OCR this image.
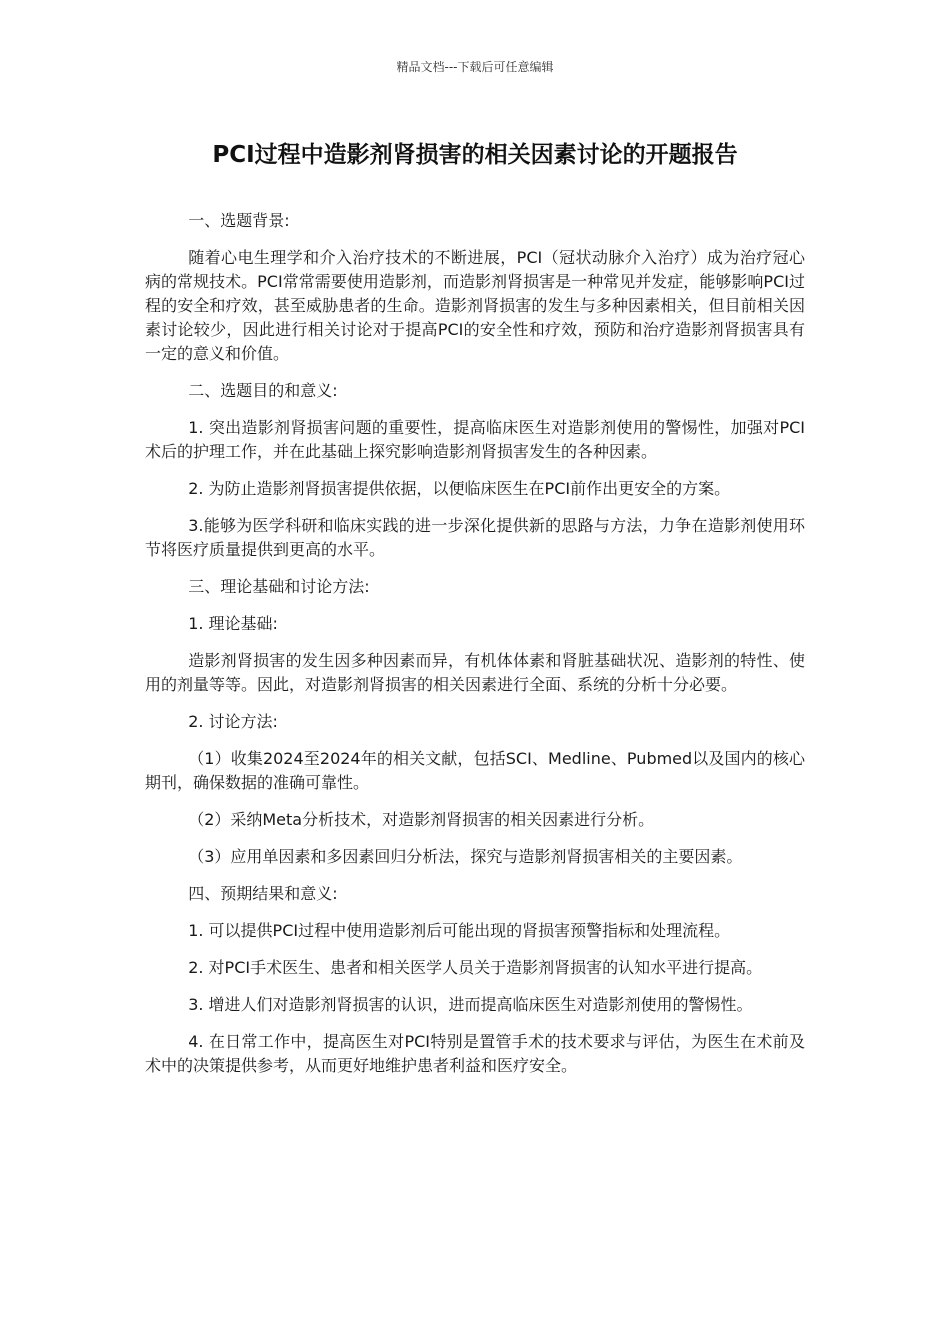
精品文档---下载后可任意编辑
PCI过程中造影剂肾损害的相关因素讨论的开题报告

一、选题背景:

随着心电生理学和介入治疗技术的不断进展，PCI（冠状动脉介入治疗）成为治疗冠心病的常规技术。PCI常常需要使用造影剂，而造影剂肾损害是一种常见并发症，能够影响PCI过程的安全和疗效，甚至威胁患者的生命。造影剂肾损害的发生与多种因素相关，但目前相关因素讨论较少，因此进行相关讨论对于提高PCI的安全性和疗效，预防和治疗造影剂肾损害具有一定的意义和价值。

二、选题目的和意义:

1. 突出造影剂肾损害问题的重要性，提高临床医生对造影剂使用的警惕性，加强对PCI术后的护理工作，并在此基础上探究影响造影剂肾损害发生的各种因素。

2. 为防止造影剂肾损害提供依据，以便临床医生在PCI前作出更安全的方案。

3.能够为医学科研和临床实践的进一步深化提供新的思路与方法，力争在造影剂使用环节将医疗质量提供到更高的水平。

三、理论基础和讨论方法:

1. 理论基础:

造影剂肾损害的发生因多种因素而异，有机体体素和肾脏基础状况、造影剂的特性、使用的剂量等等。因此，对造影剂肾损害的相关因素进行全面、系统的分析十分必要。

2. 讨论方法:

（1）收集2024至2024年的相关文献，包括SCI、Medline、Pubmed以及国内的核心期刊，确保数据的准确可靠性。

（2）采纳Meta分析技术，对造影剂肾损害的相关因素进行分析。

（3）应用单因素和多因素回归分析法，探究与造影剂肾损害相关的主要因素。

四、预期结果和意义:

1. 可以提供PCI过程中使用造影剂后可能出现的肾损害预警指标和处理流程。

2. 对PCI手术医生、患者和相关医学人员关于造影剂肾损害的认知水平进行提高。

3. 增进人们对造影剂肾损害的认识，进而提高临床医生对造影剂使用的警惕性。

4. 在日常工作中，提高医生对PCI特别是置管手术的技术要求与评估，为医生在术前及术中的决策提供参考，从而更好地维护患者利益和医疗安全。
